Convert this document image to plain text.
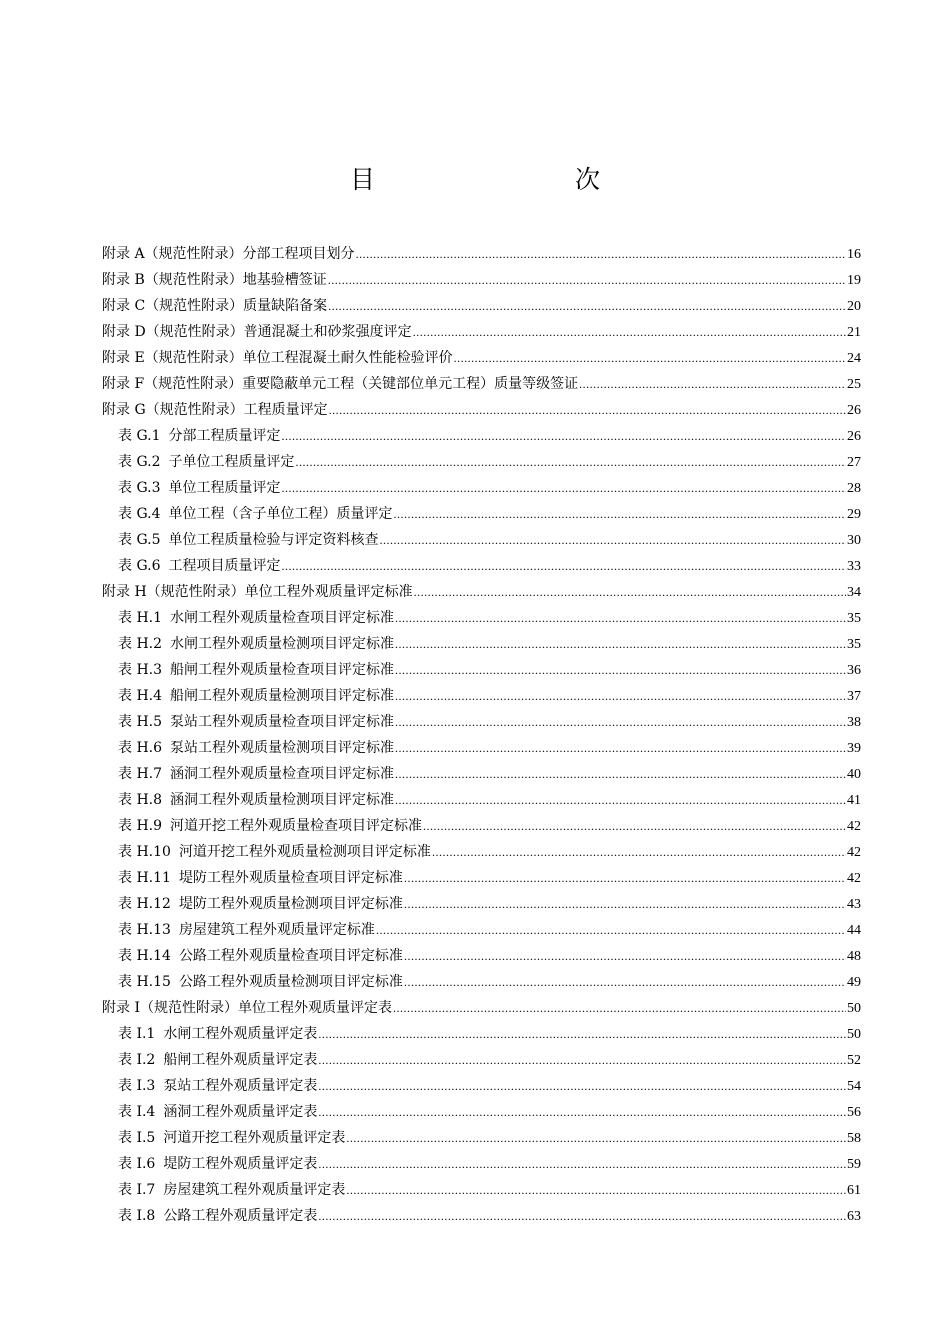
目　　次
附录 A（规范性附录）分部工程项目划分 .....	16
附录 B（规范性附录）地基验槽签证 .....	19
附录 C（规范性附录）质量缺陷备案 .....	20
附录 D（规范性附录）普通混凝土和砂浆强度评定 .....	21
附录 E（规范性附录）单位工程混凝土耐久性能检验评价 .....	24
附录 F（规范性附录）重要隐蔽单元工程（关键部位单元工程）质量等级签证 .....	25
附录 G（规范性附录）工程质量评定 .....	26
表 G.1 分部工程质量评定 .....	26
表 G.2 子单位工程质量评定 .....	27
表 G.3 单位工程质量评定 .....	28
表 G.4 单位工程（含子单位工程）质量评定 .....	29
表 G.5 单位工程质量检验与评定资料核查 .....	30
表 G.6 工程项目质量评定 .....	33
附录 H（规范性附录）单位工程外观质量评定标准 .....	34
表 H.1 水闸工程外观质量检查项目评定标准 .....	35
表 H.2 水闸工程外观质量检测项目评定标准 .....	35
表 H.3 船闸工程外观质量检查项目评定标准 .....	36
表 H.4 船闸工程外观质量检测项目评定标准 .....	37
表 H.5 泵站工程外观质量检查项目评定标准 .....	38
表 H.6 泵站工程外观质量检测项目评定标准 .....	39
表 H.7 涵洞工程外观质量检查项目评定标准 .....	40
表 H.8 涵洞工程外观质量检测项目评定标准 .....	41
表 H.9 河道开挖工程外观质量检查项目评定标准 .....	42
表 H.10 河道开挖工程外观质量检测项目评定标准 .....	42
表 H.11 堤防工程外观质量检查项目评定标准 .....	42
表 H.12 堤防工程外观质量检测项目评定标准 .....	43
表 H.13 房屋建筑工程外观质量评定标准 .....	44
表 H.14 公路工程外观质量检查项目评定标准 .....	48
表 H.15 公路工程外观质量检测项目评定标准 .....	49
附录 I（规范性附录）单位工程外观质量评定表 .....	50
表 I.1 水闸工程外观质量评定表 .....	50
表 I.2 船闸工程外观质量评定表 .....	52
表 I.3 泵站工程外观质量评定表 .....	54
表 I.4 涵洞工程外观质量评定表 .....	56
表 I.5 河道开挖工程外观质量评定表 .....	58
表 I.6 堤防工程外观质量评定表 .....	59
表 I.7 房屋建筑工程外观质量评定表 .....	61
表 I.8 公路工程外观质量评定表 .....	63
